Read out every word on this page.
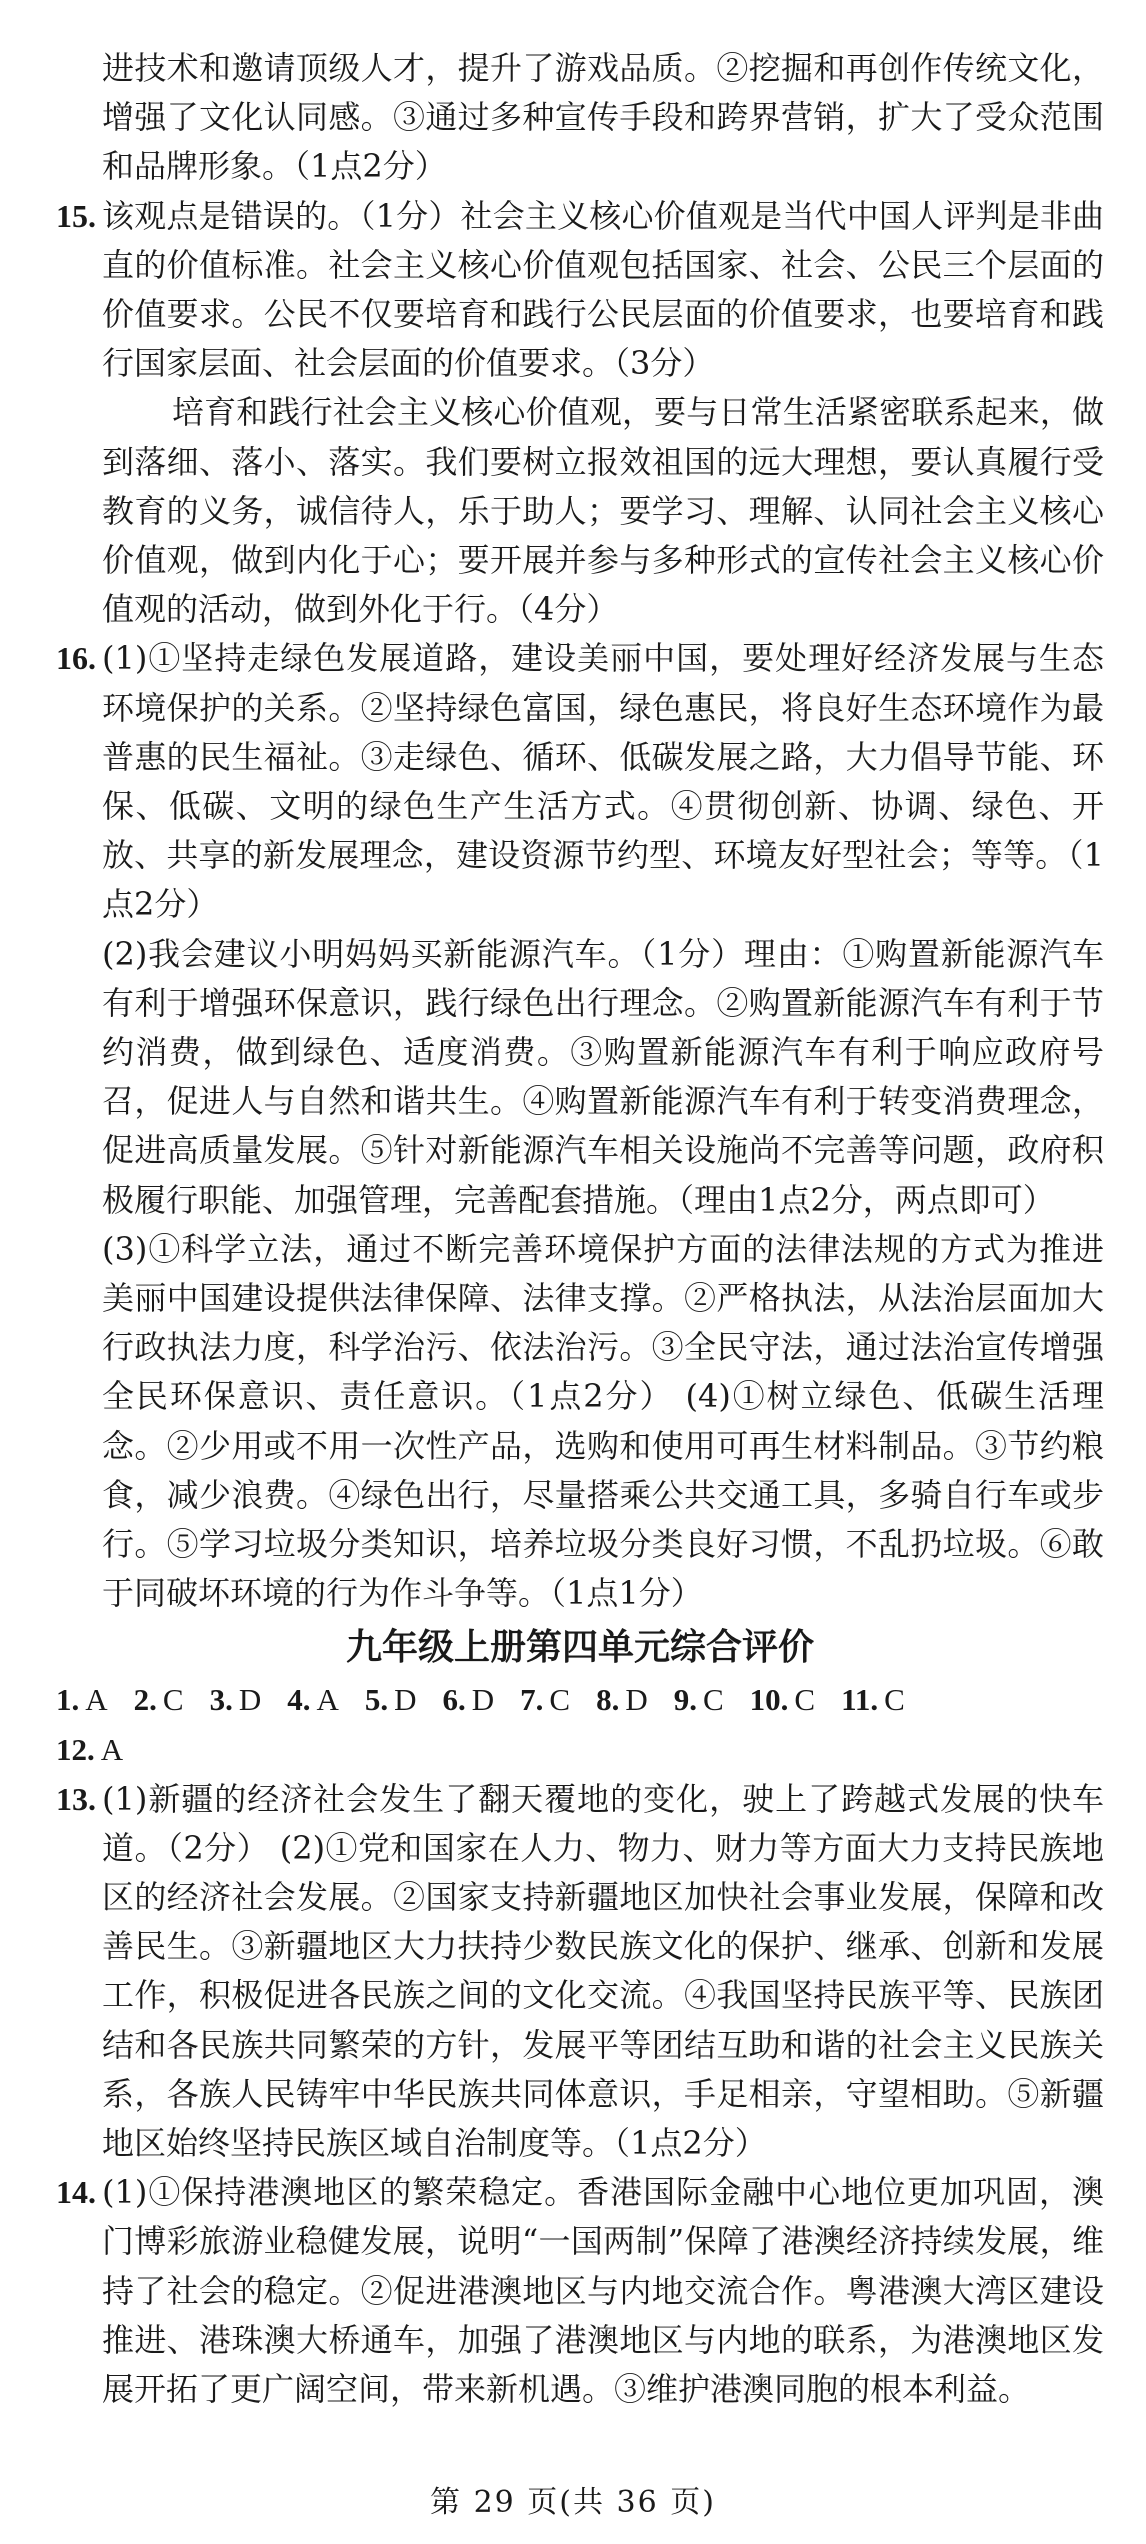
进技术和邀请顶级人才，提升了游戏品质。②挖掘和再创作传统文化，增强了文化认同感。③通过多种宣传手段和跨界营销，扩大了受众范围和品牌形象。（1点2分）

15. 该观点是错误的。（1分）社会主义核心价值观是当代中国人评判是非曲直的价值标准。社会主义核心价值观包括国家、社会、公民三个层面的价值要求。公民不仅要培育和践行公民层面的价值要求，也要培育和践行国家层面、社会层面的价值要求。（3分）

培育和践行社会主义核心价值观，要与日常生活紧密联系起来，做到落细、落小、落实。我们要树立报效祖国的远大理想，要认真履行受教育的义务，诚信待人，乐于助人；要学习、理解、认同社会主义核心价值观，做到内化于心；要开展并参与多种形式的宣传社会主义核心价值观的活动，做到外化于行。（4分）

16. (1)①坚持走绿色发展道路，建设美丽中国，要处理好经济发展与生态环境保护的关系。②坚持绿色富国，绿色惠民，将良好生态环境作为最普惠的民生福祉。③走绿色、循环、低碳发展之路，大力倡导节能、环保、低碳、文明的绿色生产生活方式。④贯彻创新、协调、绿色、开放、共享的新发展理念，建设资源节约型、环境友好型社会；等等。（1点2分）

(2)我会建议小明妈妈买新能源汽车。（1分）理由：①购置新能源汽车有利于增强环保意识，践行绿色出行理念。②购置新能源汽车有利于节约消费，做到绿色、适度消费。③购置新能源汽车有利于响应政府号召，促进人与自然和谐共生。④购置新能源汽车有利于转变消费理念，促进高质量发展。⑤针对新能源汽车相关设施尚不完善等问题，政府积极履行职能、加强管理，完善配套措施。（理由1点2分，两点即可）

(3)①科学立法，通过不断完善环境保护方面的法律法规的方式为推进美丽中国建设提供法律保障、法律支撑。②严格执法，从法治层面加大行政执法力度，科学治污、依法治污。③全民守法，通过法治宣传增强全民环保意识、责任意识。（1点2分） (4)①树立绿色、低碳生活理念。②少用或不用一次性产品，选购和使用可再生材料制品。③节约粮食，减少浪费。④绿色出行，尽量搭乘公共交通工具，多骑自行车或步行。⑤学习垃圾分类知识，培养垃圾分类良好习惯，不乱扔垃圾。⑥敢于同破坏环境的行为作斗争等。（1点1分）

九年级上册第四单元综合评价
1. A 2. C 3. D 4. A 5. D 6. D 7. C 8. D 9. C 10. C 11. C
12. A
13. (1)新疆的经济社会发生了翻天覆地的变化，驶上了跨越式发展的快车道。（2分） (2)①党和国家在人力、物力、财力等方面大力支持民族地区的经济社会发展。②国家支持新疆地区加快社会事业发展，保障和改善民生。③新疆地区大力扶持少数民族文化的保护、继承、创新和发展工作，积极促进各民族之间的文化交流。④我国坚持民族平等、民族团结和各民族共同繁荣的方针，发展平等团结互助和谐的社会主义民族关系，各族人民铸牢中华民族共同体意识，手足相亲，守望相助。⑤新疆地区始终坚持民族区域自治制度等。（1点2分）

14. (1)①保持港澳地区的繁荣稳定。香港国际金融中心地位更加巩固，澳门博彩旅游业稳健发展，说明“一国两制”保障了港澳经济持续发展，维持了社会的稳定。②促进港澳地区与内地交流合作。粤港澳大湾区建设推进、港珠澳大桥通车，加强了港澳地区与内地的联系，为港澳地区发展开拓了更广阔空间，带来新机遇。③维护港澳同胞的根本利益。

第 29 页(共 36 页)
